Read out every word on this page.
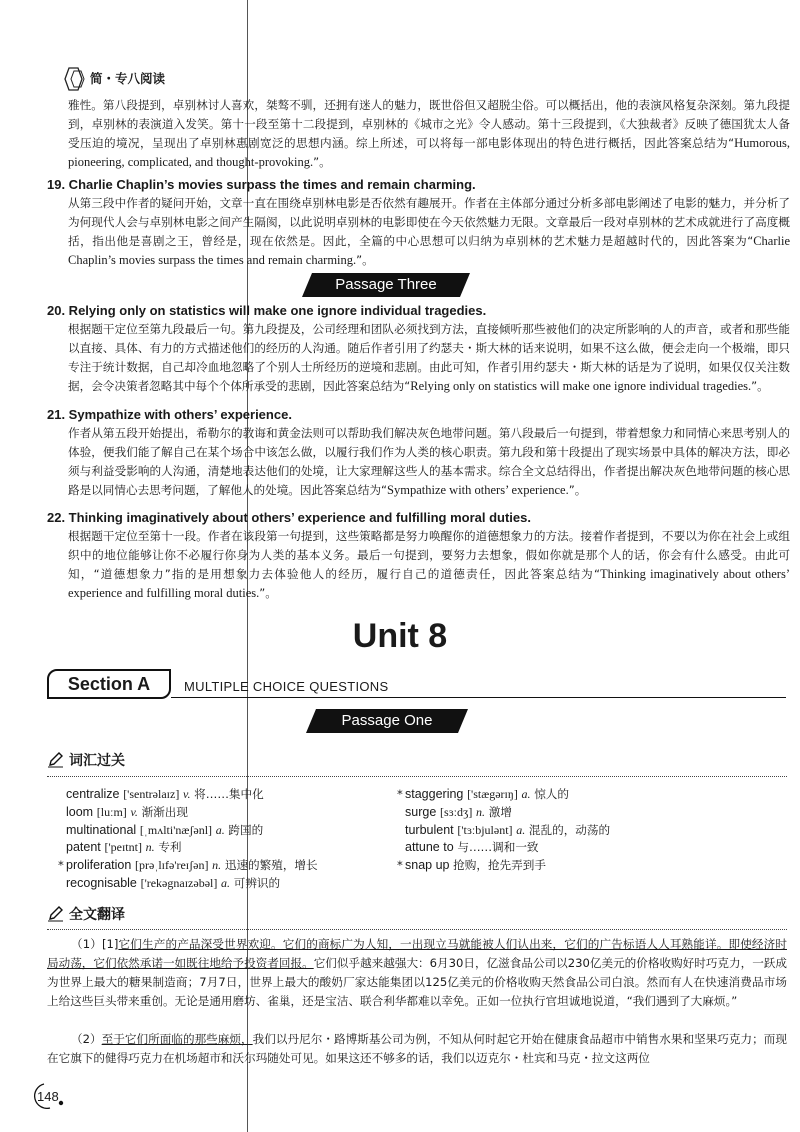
简・专八阅读
雅性。第八段提到，卓别林讨人喜欢，桀骜不驯，还拥有迷人的魅力，既世俗但又超脱尘俗。可以概括出，他的表演风格复杂深刻。第九段提到，卓别林的表演道入发笑。第十一段至第十二段提到，卓别林的《城市之光》令人感动。第十三段提到，《大独裁者》反映了德国犹太人备受压迫的境况，呈现出了卓别林惠剧宽泛的思想内涵。综上所述，可以将每一部电影体现出的特色进行概括，因此答案总结为“Humorous, pioneering, complicated, and thought-provoking.”。
19. Charlie Chaplin’s movies surpass the times and remain charming.
从第三段中作者的疑问开始，文章一直在围绕卓别林电影是否依然有趣展开。作者在主体部分通过分析多部电影阐述了电影的魅力，并分析了为何现代人会与卓别林电影之间产生隔阂，以此说明卓别林的电影即使在今天依然魅力无限。文章最后一段对卓别林的艺术成就进行了高度概括，指出他是喜剧之王，曾经是，现在依然是。因此，全篇的中心思想可以归纳为卓别林的艺术魅力是超越时代的，因此答案为“Charlie Chaplin’s movies surpass the times and remain charming.”。
Passage Three
20. Relying only on statistics will make one ignore individual tragedies.
根据题干定位至第九段最后一句。第九段提及，公司经理和团队必须找到方法，直接倾听那些被他们的决定所影响的人的声音，或者和那些能以直接、具体、有力的方式描述他们的经历的人沟通。随后作者引用了约瑟夫・斯大林的话来说明，如果不这么做，便会走向一个极端，即只专注于统计数据，自己却冷血地忽略了个别人士所经历的逆境和悲剧。由此可知，作者引用约瑟夫・斯大林的话是为了说明，如果仅仅关注数据，会令决策者忽略其中每个个体所承受的悲剧，因此答案总结为“Relying only on statistics will make one ignore individual tragedies.”。
21. Sympathize with others’ experience.
作者从第五段开始提出，希勒尔的教诲和黄金法则可以帮助我们解决灰色地带问题。第八段最后一句提到，带着想象力和同情心来思考别人的体验，便我们能了解自己在某个场合中该怎么做，以履行我们作为人类的核心职责。第九段和第十段提出了现实场景中具体的解决方法，即必须与利益受影响的人沟通，清楚地表达他们的处境，让大家理解这些人的基本需求。综合全文总结得出，作者提出解决灰色地带问题的核心思路是以同情心去思考问题，了解他人的处境。因此答案总结为“Sympathize with others’ experience.”。
22. Thinking imaginatively about others’ experience and fulfilling moral duties.
根据题干定位至第十一段。作者在该段第一句提到，这些策略都是努力唤醒你的道德想象力的方法。接着作者提到，不要以为你在社会上或组织中的地位能够让你不必履行你身为人类的基本义务。最后一句提到，要努力去想象，假如你就是那个人的话，你会有什么感受。由此可知，“道德想象力”指的是用想象力去体验他人的经历，履行自己的道德责任，因此答案总结为“Thinking imaginatively about others’ experience and fulfilling moral duties.”。
Unit 8
Section A	MULTIPLE CHOICE QUESTIONS
Passage One
词汇过关
centralize ['sentrəlaɪz] v. 将……集中化
loom [luːm] v. 渐渐出现
multinational [ˌmʌlti'næʃənl] a. 跨国的
patent ['peɪtnt] n. 专利
* proliferation [prəˌlɪfə'reɪʃən] n. 迅速的繁殖，增长
recognisable ['rekəgnaɪzəbəl] a. 可辨识的
* staggering ['stægərɪŋ] a. 惊人的
surge [sɜːdʒ] n. 激增
turbulent ['tɜːbjulənt] a. 混乱的，动荡的
attune to 与……调和一致
* snap up 抢购，抢先弄到手
全文翻译
（1）[1]它们生产的产品深受世界欢迎。它们的商标广为人知，一出现立马就能被人们认出来，它们的广告标语人人耳熟能详。即使经济时局动荡，它们依然承诺一如既往地给予投资者回报。它们似乎越来越强大：6月30日，亿滋食品公司以230亿美元的价格收购好时巧克力，一跃成为世界上最大的糖果制造商；7月7日，世界上最大的酸奶厂家达能集团以125亿美元的价格收购天然食品公司白浪。然而有人在快速消费品市场上给这些巨头带来重创。无论是通用磨坊、雀巢，还是宝洁、联合利华都难以幸免。正如一位执行官坦诚地说道，“我们遇到了大麻烦。”
（2）至于它们所面临的那些麻烦，我们以丹尼尔・路博斯基公司为例，不知从何时起它开始在健康食品超市中销售水果和坚果巧克力；而现在它旗下的健得巧克力在机场超市和沃尔玛随处可见。如果这还不够多的话，我们以迈克尔・杜宾和马克・拉文这两位
148
